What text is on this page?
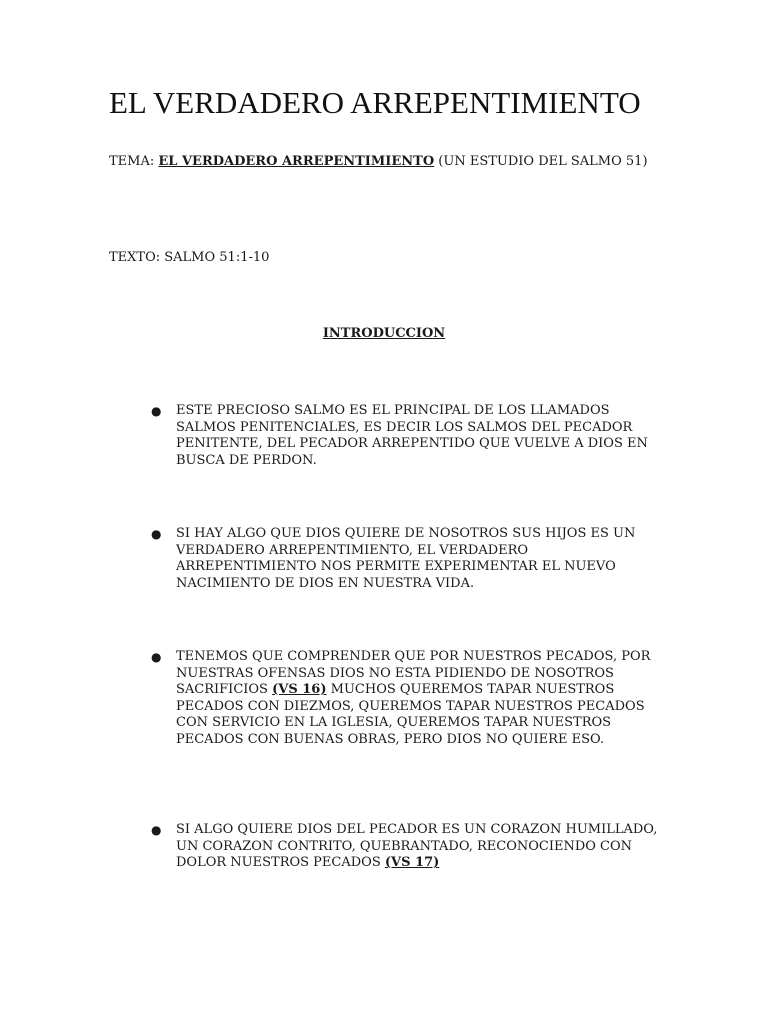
EL VERDADERO ARREPENTIMIENTO
TEMA: EL VERDADERO ARREPENTIMIENTO (UN ESTUDIO DEL SALMO 51)
TEXTO: SALMO 51:1-10
INTRODUCCION
● ESTE PRECIOSO SALMO ES EL PRINCIPAL DE LOS LLAMADOS SALMOS PENITENCIALES, ES DECIR LOS SALMOS DEL PECADOR PENITENTE, DEL PECADOR ARREPENTIDO QUE VUELVE A DIOS EN BUSCA DE PERDON.
● SI HAY ALGO QUE DIOS QUIERE DE NOSOTROS SUS HIJOS ES UN VERDADERO ARREPENTIMIENTO, EL VERDADERO ARREPENTIMIENTO NOS PERMITE EXPERIMENTAR EL NUEVO NACIMIENTO DE DIOS EN NUESTRA VIDA.
● TENEMOS QUE COMPRENDER QUE POR NUESTROS PECADOS, POR NUESTRAS OFENSAS DIOS NO ESTA PIDIENDO DE NOSOTROS SACRIFICIOS (VS 16) MUCHOS QUEREMOS TAPAR NUESTROS PECADOS CON DIEZMOS, QUEREMOS TAPAR NUESTROS PECADOS CON SERVICIO EN LA IGLESIA, QUEREMOS TAPAR NUESTROS PECADOS CON BUENAS OBRAS, PERO DIOS NO QUIERE ESO.
● SI ALGO QUIERE DIOS DEL PECADOR ES UN CORAZON HUMILLADO, UN CORAZON CONTRITO, QUEBRANTADO, RECONOCIENDO CON DOLOR NUESTROS PECADOS (VS 17)
